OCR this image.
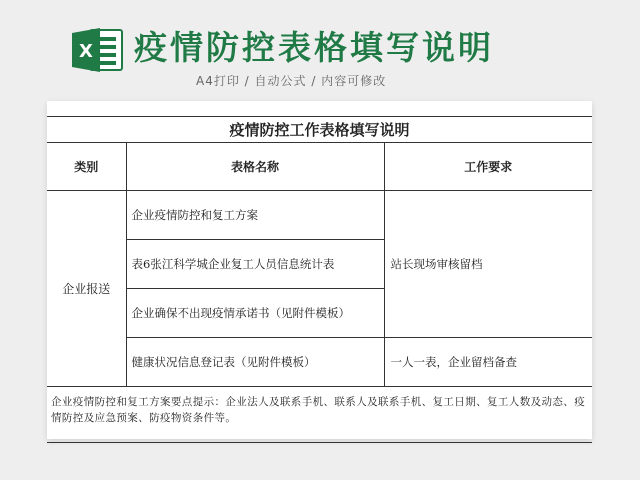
X 疫情防控表格填写说明
A4打印 / 自动公式 / 内容可修改
疫情防控工作表格填写说明		
类别	表格名称	工作要求
企业报送	企业疫情防控和复工方案	站长现场审核留档
	表6张江科学城企业复工人员信息统计表	
	企业确保不出现疫情承诺书（见附件模板）	
	健康状况信息登记表（见附件模板）	一人一表，企业留档备查
企业疫情防控和复工方案要点提示：企业法人及联系手机、联系人及联系手机、复工日期、复工人数及动态、疫情防控及应急预案、防疫物资条件等。		
